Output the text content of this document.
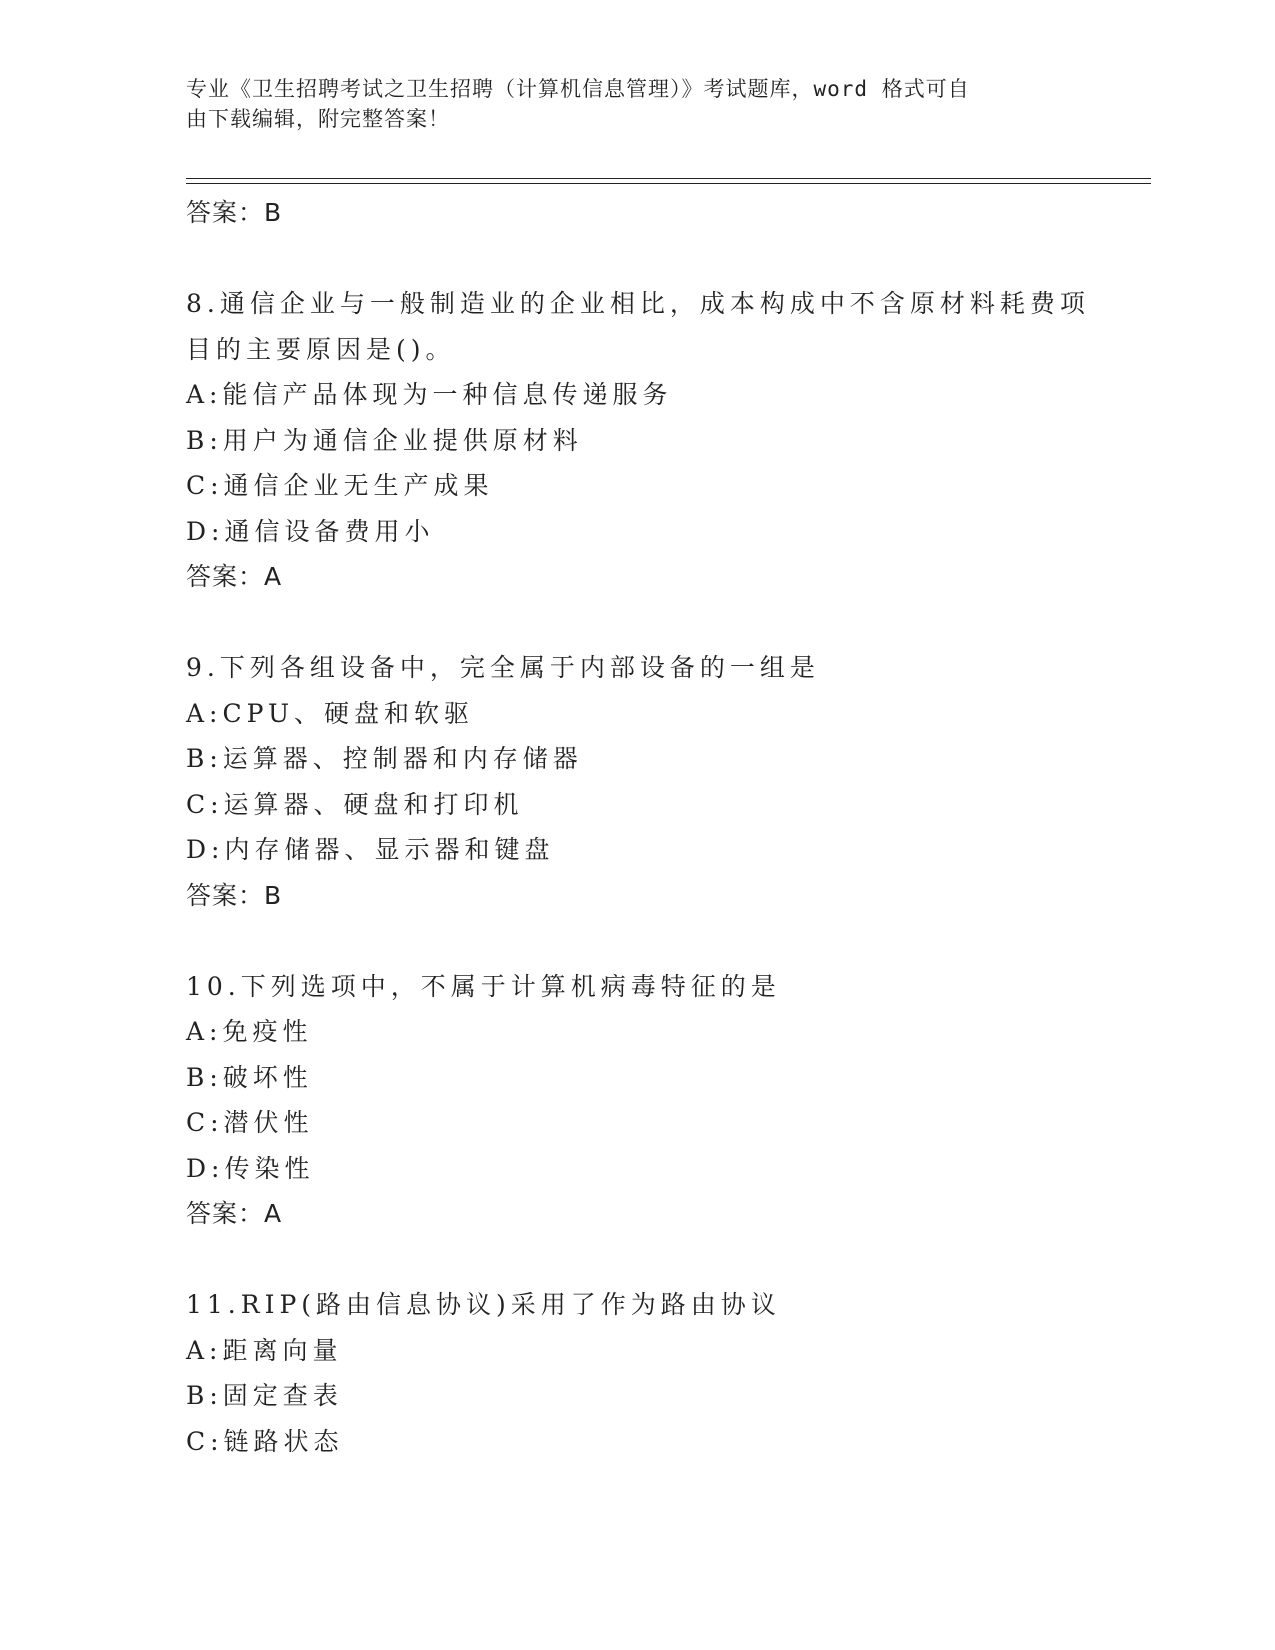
专业《卫生招聘考试之卫生招聘（计算机信息管理）》考试题库，word 格式可自
由下载编辑，附完整答案！
答案：B
8.通信企业与一般制造业的企业相比，成本构成中不含原材料耗费项
目的主要原因是()。
A:能信产品体现为一种信息传递服务
B:用户为通信企业提供原材料
C:通信企业无生产成果
D:通信设备费用小
答案：A
9.下列各组设备中，完全属于内部设备的一组是
A:CPU、硬盘和软驱
B:运算器、控制器和内存储器
C:运算器、硬盘和打印机
D:内存储器、显示器和键盘
答案：B
10.下列选项中，不属于计算机病毒特征的是
A:免疫性
B:破坏性
C:潜伏性
D:传染性
答案：A
11.RIP(路由信息协议)采用了作为路由协议
A:距离向量
B:固定查表
C:链路状态
